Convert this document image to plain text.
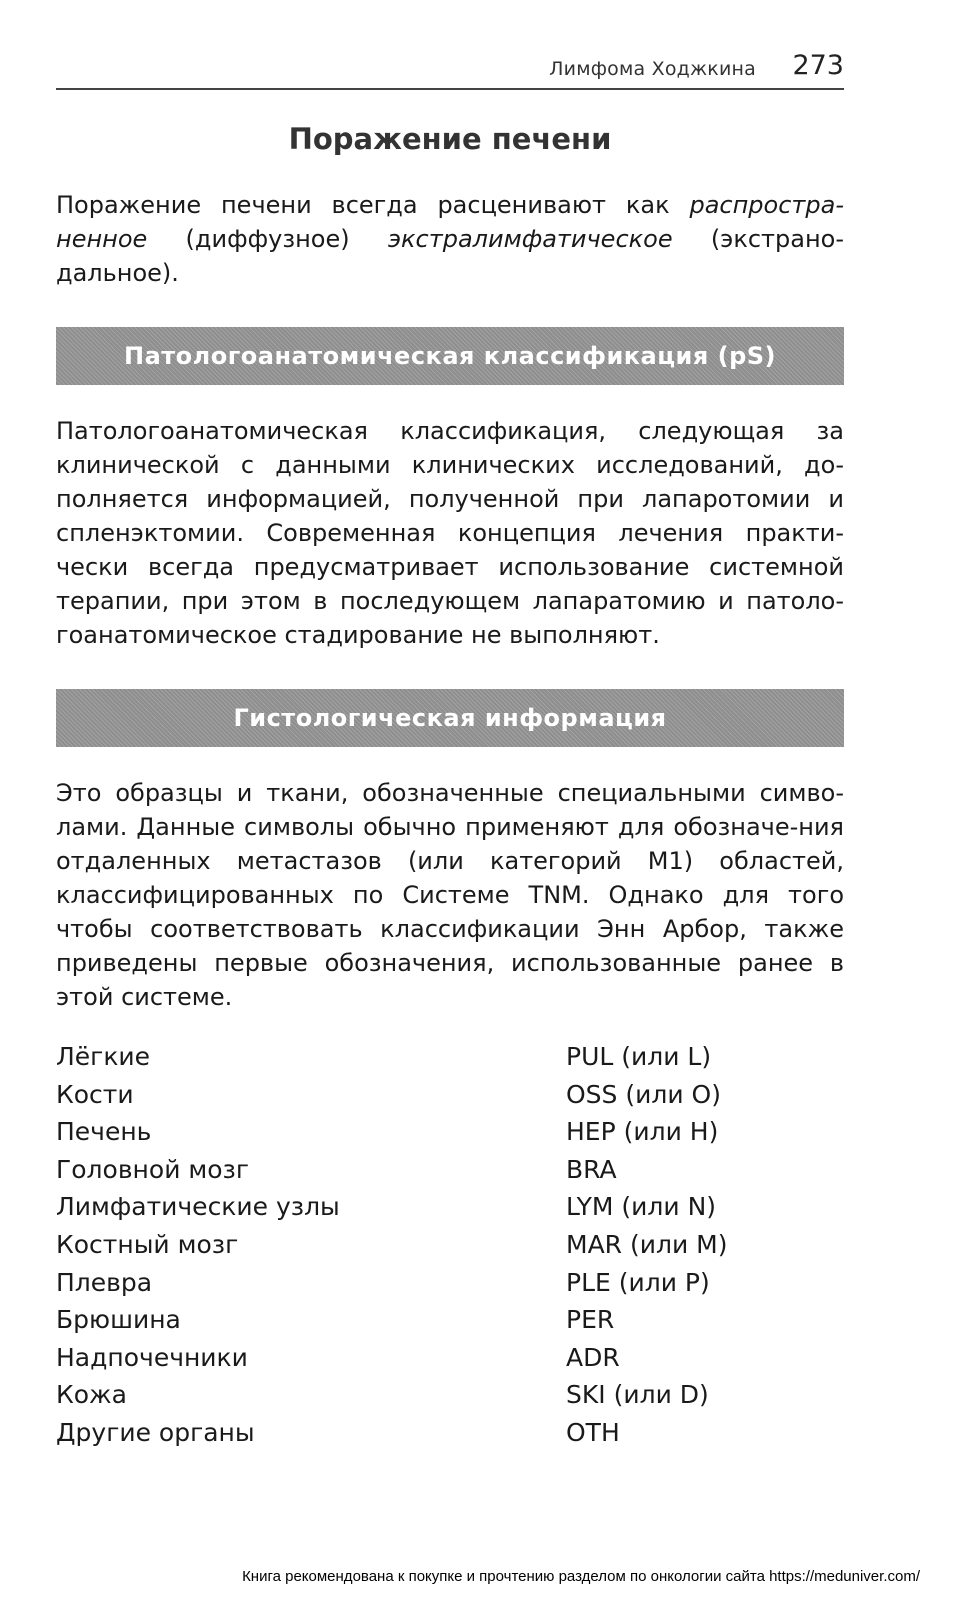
Лимфома Ходжкина 273
Поражение печени

Поражение печени всегда расценивают как распростра-ненное (диффузное) экстралимфатическое (экстрано-дальное).

Патологоанатомическая классификация (pS)

Патологоанатомическая классификация, следующая за клинической с данными клинических исследований, до-полняется информацией, полученной при лапаротомии и спленэктомии. Современная концепция лечения практи-чески всегда предусматривает использование системной терапии, при этом в последующем лапаратомию и патоло-гоанатомическое стадирование не выполняют.

Гистологическая информация

Это образцы и ткани, обозначенные специальными симво-лами. Данные символы обычно применяют для обозначе-ния отдаленных метастазов (или категорий М1) областей, классифицированных по Системе TNM. Однако для того чтобы соответствовать классификации Энн Арбор, также приведены первые обозначения, использованные ранее в этой системе.

Лёгкие	PUL (или L)
Кости	OSS (или O)
Печень	HEP (или H)
Головной мозг	BRA
Лимфатические узлы	LYM (или N)
Костный мозг	MAR (или M)
Плевра	PLE (или P)
Брюшина	PER
Надпочечники	ADR
Кожа	SKI (или D)
Другие органы	OTH
Книга рекомендована к покупке и прочтению разделом по онкологии сайта https://meduniver.com/
